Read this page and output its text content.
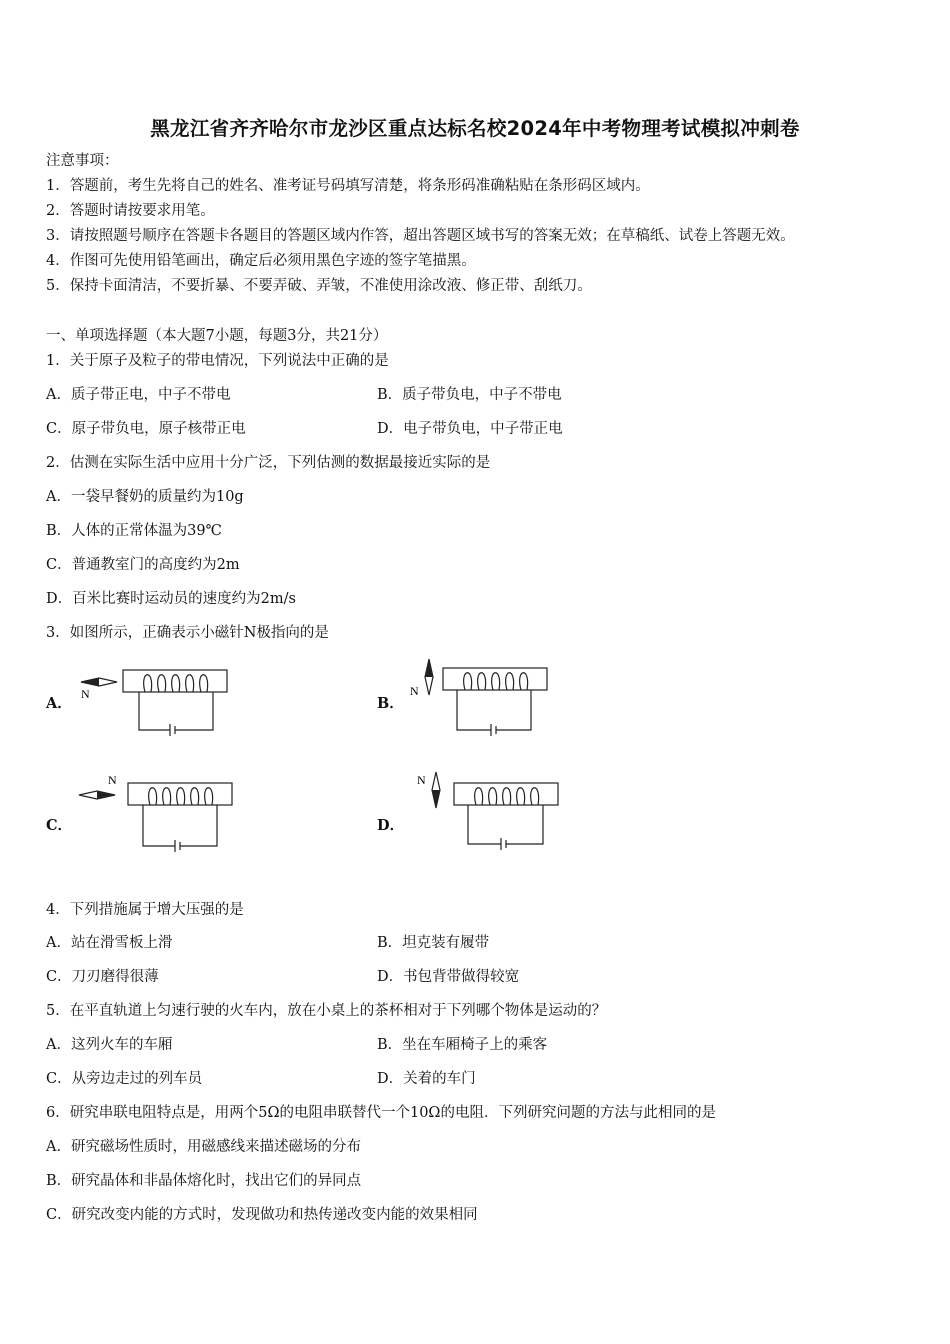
黑龙江省齐齐哈尔市龙沙区重点达标名校2024年中考物理考试模拟冲刺卷
注意事项：
1．答题前，考生先将自己的姓名、准考证号码填写清楚，将条形码准确粘贴在条形码区域内。
2．答题时请按要求用笔。
3．请按照题号顺序在答题卡各题目的答题区域内作答，超出答题区域书写的答案无效；在草稿纸、试卷上答题无效。
4．作图可先使用铅笔画出，确定后必须用黑色字迹的签字笔描黑。
5．保持卡面清洁，不要折暴、不要弄破、弄皱，不准使用涂改液、修正带、刮纸刀。
一、单项选择题（本大题7小题，每题3分，共21分）
1．关于原子及粒子的带电情况，下列说法中正确的是
A．质子带正电，中子不带电	B．质子带负电，中子不带电
C．原子带负电，原子核带正电	D．电子带负电，中子带正电
2．估测在实际生活中应用十分广泛，下列估测的数据最接近实际的是
A．一袋早餐奶的质量约为10g
B．人体的正常体温为39℃
C．普通教室门的高度约为2m
D．百米比赛时运动员的速度约为2m/s
3．如图所示，正确表示小磁针N极指向的是
A．	B．
C．	D．
N	N
N	N
4．下列措施属于增大压强的是
A．站在滑雪板上滑	B．坦克装有履带
C．刀刃磨得很薄	D．书包背带做得较宽
5．在平直轨道上匀速行驶的火车内，放在小桌上的茶杯相对于下列哪个物体是运动的？
A．这列火车的车厢	B．坐在车厢椅子上的乘客
C．从旁边走过的列车员	D．关着的车门
6．研究串联电阻特点是，用两个5Ω的电阻串联替代一个10Ω的电阻．下列研究问题的方法与此相同的是
A．研究磁场性质时，用磁感线来描述磁场的分布
B．研究晶体和非晶体熔化时，找出它们的异同点
C．研究改变内能的方式时，发现做功和热传递改变内能的效果相同
